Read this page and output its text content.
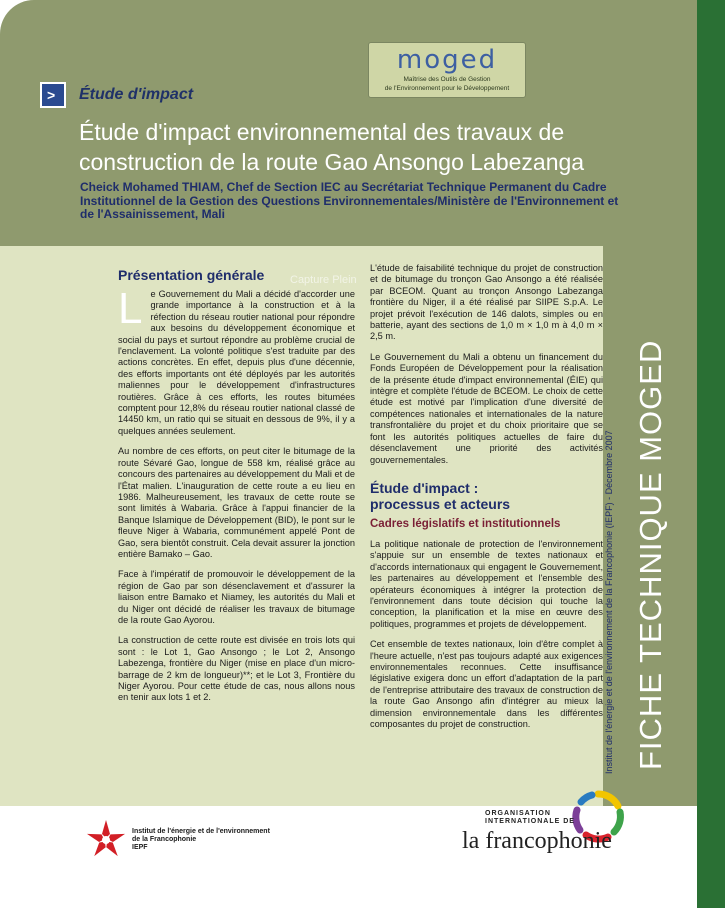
moged
Maîtrise des Outils de Gestion
de l'Environnement pour le Développement
> Étude d'impact
Étude d'impact environnemental des travaux de construction de la route Gao Ansongo Labezanga
Cheick Mohamed THIAM, Chef de Section IEC au Secrétariat Technique Permanent du Cadre Institutionnel de la Gestion des Questions Environnementales/Ministère de l'Environnement et de l'Assainissement, Mali
Capture Plein
Présentation générale

Le Gouvernement du Mali a décidé d'accorder une grande importance à la construction et à la réfection du réseau routier national pour répondre aux besoins du développement économique et social du pays et surtout répondre au problème crucial de l'enclavement. La volonté politique s'est traduite par des actions concrètes. En effet, depuis plus d'une décennie, des efforts importants ont été déployés par les autorités maliennes pour le développement d'infrastructures routières. Grâce à ces efforts, les routes bitumées comptent pour 12,8% du réseau routier national classé de 14450 km, un ratio qui se situait en dessous de 9%, il y a quelques années seulement.

Au nombre de ces efforts, on peut citer le bitumage de la route Sévaré Gao, longue de 558 km, réalisé grâce au concours des partenaires au développement du Mali et de l'État malien. L'inauguration de cette route a eu lieu en 1986. Malheureusement, les travaux de cette route se sont limités à Wabaria. Grâce à l'appui financier de la Banque Islamique de Développement (BID), le pont sur le fleuve Niger à Wabaria, communément appelé Pont de Gao, sera bientôt construit. Cela devait assurer la jonction entière Bamako – Gao.

Face à l'impératif de promouvoir le développement de la région de Gao par son désenclavement et d'assurer la liaison entre Bamako et Niamey, les autorités du Mali et du Niger ont décidé de réaliser les travaux de bitumage de la route Gao Ayorou.

La construction de cette route est divisée en trois lots qui sont : le Lot 1, Gao Ansongo ; le Lot 2, Ansongo Labezenga, frontière du Niger (mise en place d'un micro-barrage de 2 km de longueur)**; et le Lot 3, Frontière du Niger Ayorou. Pour cette étude de cas, nous allons nous en tenir aux lots 1 et 2.

L'étude de faisabilité technique du projet de construction et de bitumage du tronçon Gao Ansongo a été réalisée par BCEOM. Quant au tronçon Ansongo Labezanga frontière du Niger, il a été réalisé par SIIPE S.p.A. Le projet prévoit l'exécution de 146 dalots, simples ou en batterie, ayant des sections de 1,0 m × 1,0 m à 4,0 m × 2,5 m.

Le Gouvernement du Mali a obtenu un financement du Fonds Européen de Développement pour la réalisation de la présente étude d'impact environnemental (ÉIE) qui intègre et complète l'étude de BCEOM. Le choix de cette étude est motivé par l'implication d'une diversité de compétences nationales et internationales de la nature transfrontalière du projet et du choix prioritaire que se font les autorités politiques actuelles de faire du désenclavement une priorité des activités gouvernementales.

Étude d'impact :
processus et acteurs
Cadres législatifs et institutionnels

La politique nationale de protection de l'environnement s'appuie sur un ensemble de textes nationaux et d'accords internationaux qui engagent le Gouvernement, les partenaires au développement et l'ensemble des opérateurs économiques à intégrer la protection de l'environnement dans toute décision qui touche la conception, la planification et la mise en œuvre des politiques, programmes et projets de développement.

Cet ensemble de textes nationaux, loin d'être complet à l'heure actuelle, n'est pas toujours adapté aux exigences environnementales reconnues. Cette insuffisance législative exigera donc un effort d'adaptation de la part de l'entreprise attributaire des travaux de construction de la route Gao Ansongo afin d'intégrer au mieux la dimension environnementale dans les différentes composantes du projet de construction.	Institut de l'énergie et de l'environnement de la Francophonie (IEPF) - Décembre 2007 FICHE TECHNIQUE MOGED
Institut de l'énergie et de l'environnement
de la Francophonie
IEPF
ORGANISATION
INTERNATIONALE DE
la francophonie
